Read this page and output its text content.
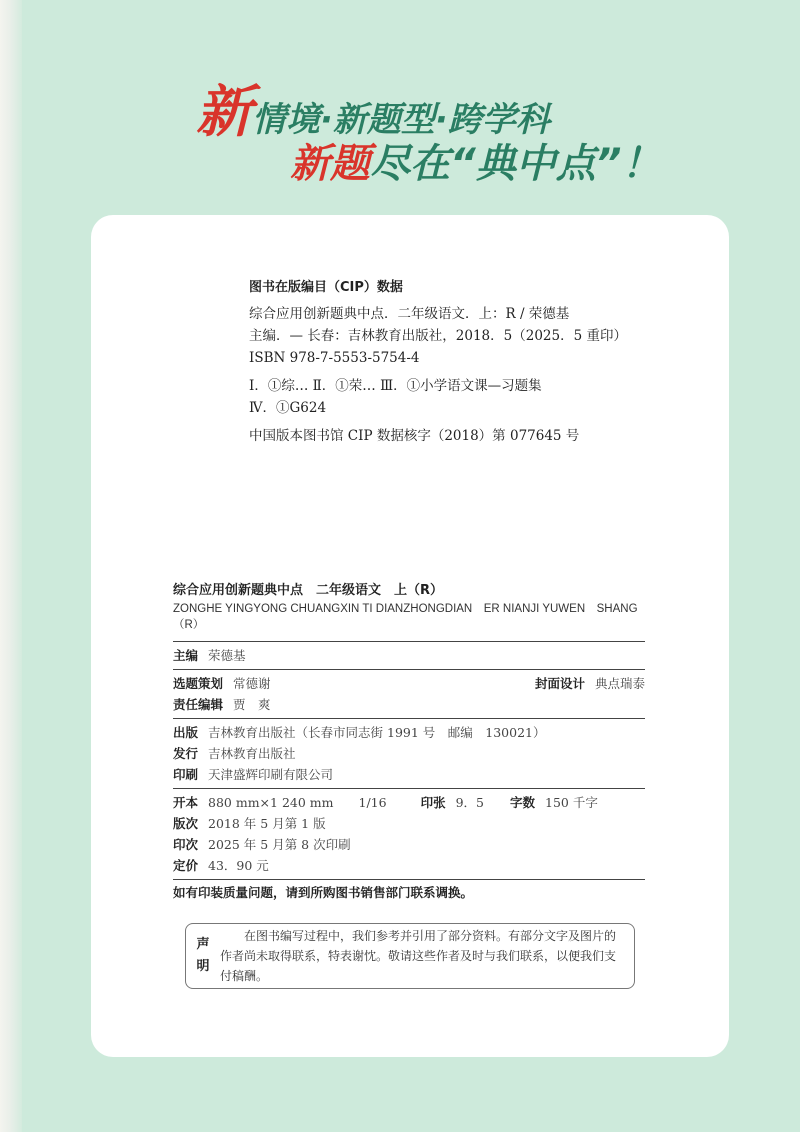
新情境·新题型·跨学科
新题尽在“典中点”！
图书在版编目（CIP）数据
综合应用创新题典中点．二年级语文．上：R / 荣德基
主编．— 长春：吉林教育出版社，2018．5（2025．5 重印）
ISBN 978-7-5553-5754-4
Ⅰ．①综… Ⅱ．①荣… Ⅲ．①小学语文课—习题集
Ⅳ．①G624
中国版本图书馆 CIP 数据核字（2018）第 077645 号
综合应用创新题典中点　二年级语文　上（R）
ZONGHE YINGYONG CHUANGXIN TI DIANZHONGDIAN　ER NIANJI YUWEN　SHANG（R）
主编 荣德基
选题策划 常德谢	封面设计 典点瑞泰
责任编辑 贾　爽
出版 吉林教育出版社（长春市同志街 1991 号　邮编　130021）
发行 吉林教育出版社
印刷 天津盛辉印刷有限公司
开本 880 mm×1 240 mm　　1/16	印张 9．5 字数 150 千字
版次 2018 年 5 月第 1 版
印次 2025 年 5 月第 8 次印刷
定价 43．90 元
如有印装质量问题，请到所购图书销售部门联系调换。
声明
在图书编写过程中，我们参考并引用了部分资料。有部分文字及图片的作者尚未取得联系，特表谢忱。敬请这些作者及时与我们联系，以便我们支付稿酬。
